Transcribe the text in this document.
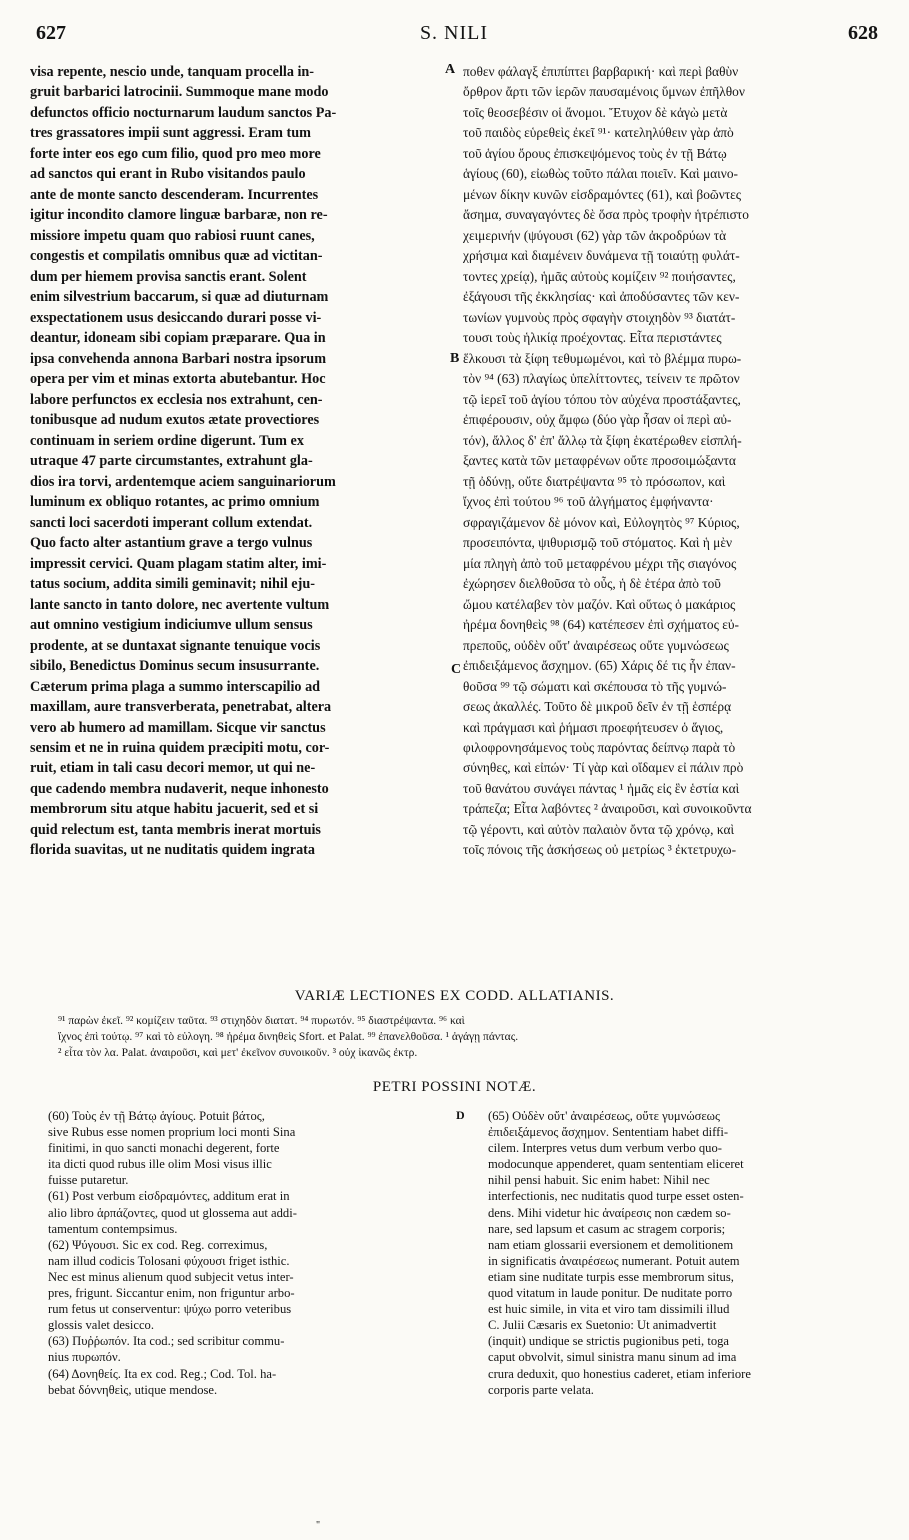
627	S. NILI	628
visa repente, nescio unde, tanquam procella in-
gruit barbarici latrocinii. Summoque mane modo
defunctos officio nocturnarum laudum sanctos Pa-
tres grassatores impii sunt aggressi. Eram tum
forte inter eos ego cum filio, quod pro meo more
ad sanctos qui erant in Rubo visitandos paulo
ante de monte sancto descenderam. Incurrentes
igitur incondito clamore linguæ barbaræ, non re-
missiore impetu quam quo rabiosi ruunt canes,
congestis et compilatis omnibus quæ ad victitan-
dum per hiemem provisa sanctis erant. Solent
enim silvestrium baccarum, si quæ ad diuturnam
exspectationem usus desiccando durari posse vi-
deantur, idoneam sibi copiam præparare. Qua in
ipsa convehenda annona Barbari nostra ipsorum
opera per vim et minas extorta abutebantur. Hoc
labore perfunctos ex ecclesia nos extrahunt, cen-
tonibusque ad nudum exutos ætate provectiores
continuam in seriem ordine digerunt. Tum ex
utraque 47 parte circumstantes, extrahunt gla-
dios ira torvi, ardentemque aciem sanguinariorum
luminum ex obliquo rotantes, ac primo omnium
sancti loci sacerdoti imperant collum extendat.
Quo facto alter astantium grave a tergo vulnus
impressit cervici. Quam plagam statim alter, imi-
tatus socium, addita simili geminavit; nihil eju-
lante sancto in tanto dolore, nec avertente vultum
aut omnino vestigium indiciumve ullum sensus
prodente, at se duntaxat signante tenuique vocis
sibilo, Benedictus Dominus secum insusurrante.
Cæterum prima plaga a summo interscapilio ad
maxillam, aure transverberata, penetrabat, altera
vero ab humero ad mamillam. Sicque vir sanctus
sensim et ne in ruina quidem præcipiti motu, cor-
ruit, etiam in tali casu decori memor, ut qui ne-
que cadendo membra nudaverit, neque inhonesto
membrorum situ atque habitu jacuerit, sed et si
quid relectum est, tanta membris inerat mortuis
florida suavitas, ut ne nuditatis quidem ingrata
ποθεν φάλαγξ ἐπιπίπτει βαρβαρική· καὶ περὶ βαθὺν
ὄρθρον ἄρτι τῶν ἱερῶν παυσαμένοις ὕμνων ἐπῆλθον
τοῖς θεοσεβέσιν οἱ ἄνομοι. Ἔτυχον δὲ κἀγὼ μετὰ
τοῦ παιδὸς εὑρεθεὶς ἐκεῖ ⁹¹· κατεληλύθειν γὰρ ἀπὸ
τοῦ ἁγίου ὄρους ἐπισκεψόμενος τοὺς ἐν τῇ Βάτῳ
ἁγίους (60), εἰωθὼς τοῦτο πάλαι ποιεῖν. Καὶ μαινο-
μένων δίκην κυνῶν εἰσδραμόντες (61), καὶ βοῶντες
ἄσημα, συναγαγόντες δὲ ὅσα πρὸς τροφὴν ἡτρέπιστο
χειμερινήν (ψύγουσι (62) γὰρ τῶν ἀκροδρύων τὰ
χρήσιμα καὶ διαμένειν δυνάμενα τῇ τοιαύτῃ φυλάτ-
τοντες χρείᾳ), ἡμᾶς αὐτοὺς κομίζειν ⁹² ποιήσαντες,
ἐξάγουσι τῆς ἐκκλησίας· καὶ ἀποδύσαντες τῶν κεν-
τωνίων γυμνοὺς πρὸς σφαγὴν στοιχηδὸν ⁹³ διατάτ-
τουσι τοὺς ἡλικίᾳ προέχοντας. Εἶτα περιστάντες
ἕλκουσι τὰ ξίφη τεθυμωμένοι, καὶ τὸ βλέμμα πυρω-
τὸν ⁹⁴ (63) πλαγίως ὑπελίττοντες, τείνειν τε πρῶτον
τῷ ἱερεῖ τοῦ ἁγίου τόπου τὸν αὐχένα προστάξαντες,
ἐπιφέρουσιν, οὐχ ἄμφω (δύο γὰρ ἦσαν οἱ περὶ αὐ-
τόν), ἄλλος δ' ἐπ' ἄλλῳ τὰ ξίφη ἑκατέρωθεν εἰσπλή-
ξαντες κατὰ τῶν μεταφρένων οὔτε προσοιμώξαντα
τῇ ὀδύνῃ, οὔτε διατρέψαντα ⁹⁵ τὸ πρόσωπον, καὶ
ἴχνος ἐπὶ τούτου ⁹⁶ τοῦ ἀλγήματος ἐμφήναντα·
σφραγιζάμενον δὲ μόνον καὶ, Εὐλογητὸς ⁹⁷ Κύριος,
προσειπόντα, ψιθυρισμῷ τοῦ στόματος. Καὶ ἡ μὲν
μία πληγὴ ἀπὸ τοῦ μεταφρένου μέχρι τῆς σιαγόνος
ἐχώρησεν διελθοῦσα τὸ οὖς, ἡ δὲ ἑτέρα ἀπὸ τοῦ
ὤμου κατέλαβεν τὸν μαζόν. Καὶ οὕτως ὁ μακάριος
ἠρέμα δονηθεὶς ⁹⁸ (64) κατέπεσεν ἐπὶ σχήματος εὐ-
πρεποῦς, οὐδὲν οὔτ' ἀναιρέσεως οὔτε γυμνώσεως
ἐπιδειξάμενος ἄσχημον. (65) Χάρις δέ τις ἦν ἐπαν-
θοῦσα ⁹⁹ τῷ σώματι καὶ σκέπουσα τὸ τῆς γυμνώ-
σεως ἀκαλλές. Τοῦτο δὲ μικροῦ δεῖν ἐν τῇ ἑσπέρᾳ
καὶ πράγμασι καὶ ῥήμασι προεφήτευσεν ὁ ἅγιος,
φιλοφρονησάμενος τοὺς παρόντας δείπνῳ παρὰ τὸ
σύνηθες, καὶ εἰπών· Τί γὰρ καὶ οἴδαμεν εἰ πάλιν πρὸ
τοῦ θανάτου συνάγει πάντας ¹ ἡμᾶς εἰς ἓν ἑστία καὶ
τράπεζα; Εἶτα λαβόντες ² ἀναιροῦσι, καὶ συνοικοῦντα
τῷ γέροντι, καὶ αὐτὸν παλαιὸν ὄντα τῷ χρόνῳ, καὶ
τοῖς πόνοις τῆς ἀσκήσεως οὐ μετρίως ³ ἐκτετρυχω-
A
B
C
VARIÆ LECTIONES EX CODD. ALLATIANIS.
⁹¹ παρὼν ἐκεῖ. ⁹² κομίζειν ταῦτα. ⁹³ στιχηδὸν διατατ. ⁹⁴ πυρωτόν. ⁹⁵ διαστρέψαντα. ⁹⁶ καὶ
ἴχνος ἐπὶ τούτῳ. ⁹⁷ καὶ τὸ εὐλογη. ⁹⁸ ἠρέμα δινηθεὶς Sfort. et Palat. ⁹⁹ ἐπανελθοῦσα. ¹ ἀγάγῃ πάντας.
² εἶτα τὸν λα. Palat. ἀναιροῦσι, καὶ μετ' ἐκεῖνον συνοικοῦν. ³ οὐχ ἱκανῶς ἐκτρ.
PETRI POSSINI NOTÆ.
(60) Τοὺς ἐν τῇ Βάτῳ ἁγίους. Potuit βάτος,
sive Rubus esse nomen proprium loci monti Sina
finitimi, in quo sancti monachi degerent, forte
ita dicti quod rubus ille olim Mosi visus illic
fuisse putaretur.
(61) Post verbum εἰσδραμόντες, additum erat in
alio libro ἁρπάζοντες, quod ut glossema aut addi-
tamentum contempsimus.
(62) Ψύγουσι. Sic ex cod. Reg. correximus,
nam illud codicis Tolosani φύχουσι friget isthic.
Nec est minus alienum quod subjecit vetus inter-
pres, frigunt. Siccantur enim, non friguntur arbo-
rum fetus ut conserventur: ψύχω porro veteribus
glossis valet desicco.
(63) Πυῤῥωπόν. Ita cod.; sed scribitur commu-
nius πυρωπόν.
(64) Δονηθείς. Ita ex cod. Reg.; Cod. Tol. ha-
bebat δόννηθεὶς, utique mendose.
(65) Οὐδὲν οὔτ' ἀναιρέσεως, οὔτε γυμνώσεως
ἐπιδειξάμενος ἄσχημον. Sententiam habet diffi-
cilem. Interpres vetus dum verbum verbo quo-
modocunque appenderet, quam sententiam eliceret
nihil pensi habuit. Sic enim habet: Nihil nec
interfectionis, nec nuditatis quod turpe esset osten-
dens. Mihi videtur hic ἀναίρεσις non cædem so-
nare, sed lapsum et casum ac stragem corporis;
nam etiam glossarii eversionem et demolitionem
in significatis ἀναιρέσεως numerant. Potuit autem
etiam sine nuditate turpis esse membrorum situs,
quod vitatum in laude ponitur. De nuditate porro
est huic simile, in vita et viro tam dissimili illud
C. Julii Cæsaris ex Suetonio: Ut animadvertit
(inquit) undique se strictis pugionibus peti, toga
caput obvolvit, simul sinistra manu sinum ad ima
crura deduxit, quo honestius caderet, etiam inferiore
corporis parte velata.
D
"
